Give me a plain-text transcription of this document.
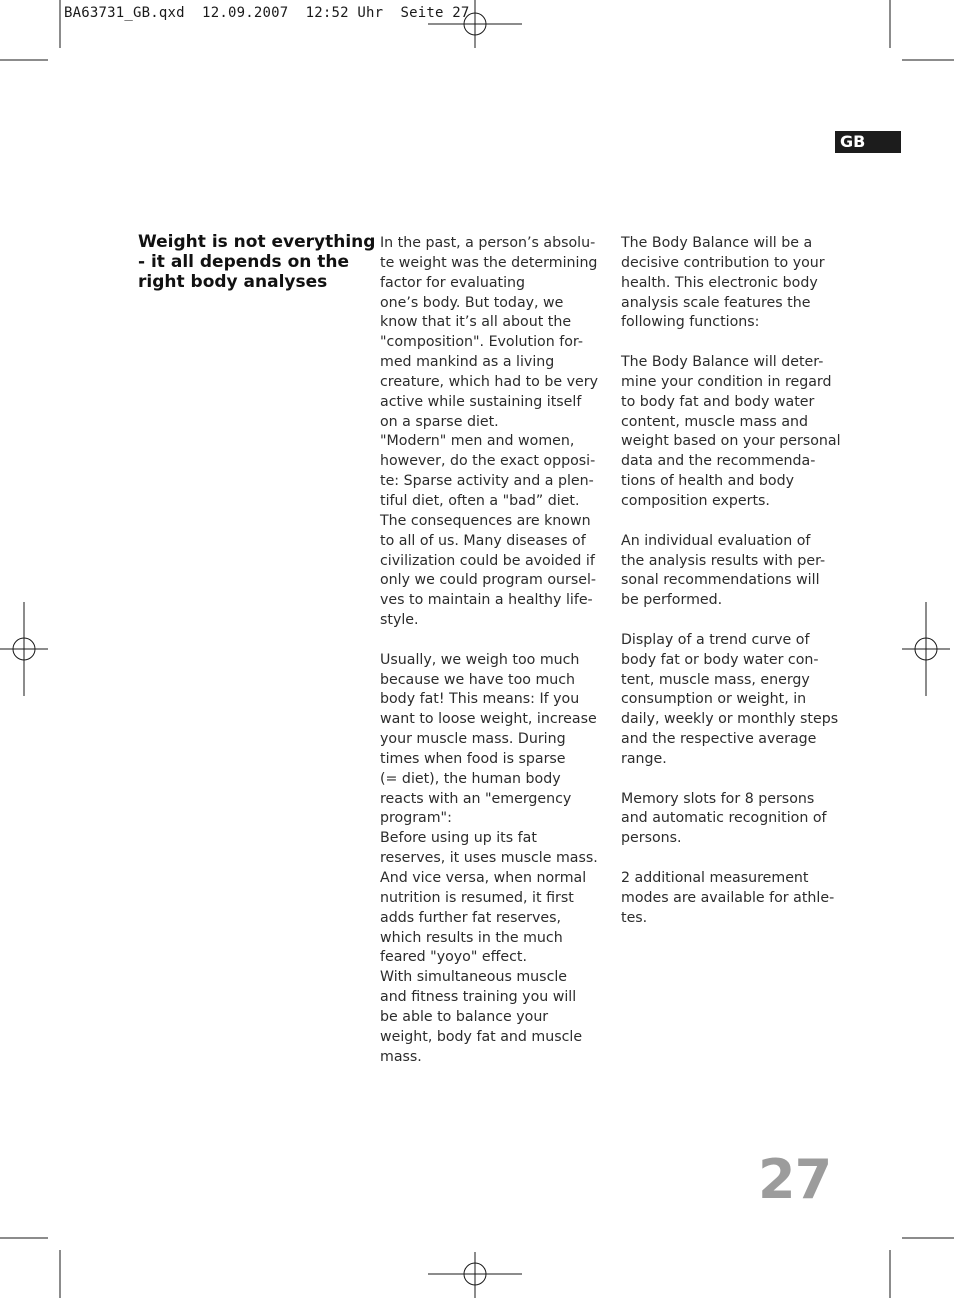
BA63731_GB.qxd  12.09.2007  12:52 Uhr  Seite 27
GB
Weight is not everything
- it all depends on the
right body analyses
In the past, a person’s absolu-
te weight was the determining
factor for evaluating
one’s body. But today, we
know that it’s all about the
"composition". Evolution for-
med mankind as a living
creature, which had to be very
active while sustaining itself
on a sparse diet.
"Modern" men and women,
however, do the exact opposi-
te: Sparse activity and a plen-
tiful diet, often a "bad” diet.
The consequences are known
to all of us. Many diseases of
civilization could be avoided if
only we could program oursel-
ves to maintain a healthy life-
style.
Usually, we weigh too much
because we have too much
body fat! This means: If you
want to loose weight, increase
your muscle mass. During
times when food is sparse
(= diet), the human body
reacts with an "emergency
program":
Before using up its fat
reserves, it uses muscle mass.
And vice versa, when normal
nutrition is resumed, it first
adds further fat reserves,
which results in the much
feared "yoyo" effect.
With simultaneous muscle
and fitness training you will
be able to balance your
weight, body fat and muscle
mass.
The Body Balance will be a
decisive contribution to your
health. This electronic body
analysis scale features the
following functions:
The Body Balance will deter-
mine your condition in regard
to body fat and body water
content, muscle mass and
weight based on your personal
data and the recommenda-
tions of health and body
composition experts.
An individual evaluation of
the analysis results with per-
sonal recommendations will
be performed.
Display of a trend curve of
body fat or body water con-
tent, muscle mass, energy
consumption or weight, in
daily, weekly or monthly steps
and the respective average
range.
Memory slots for 8 persons
and automatic recognition of
persons.
2 additional measurement
modes are available for athle-
tes.
27
